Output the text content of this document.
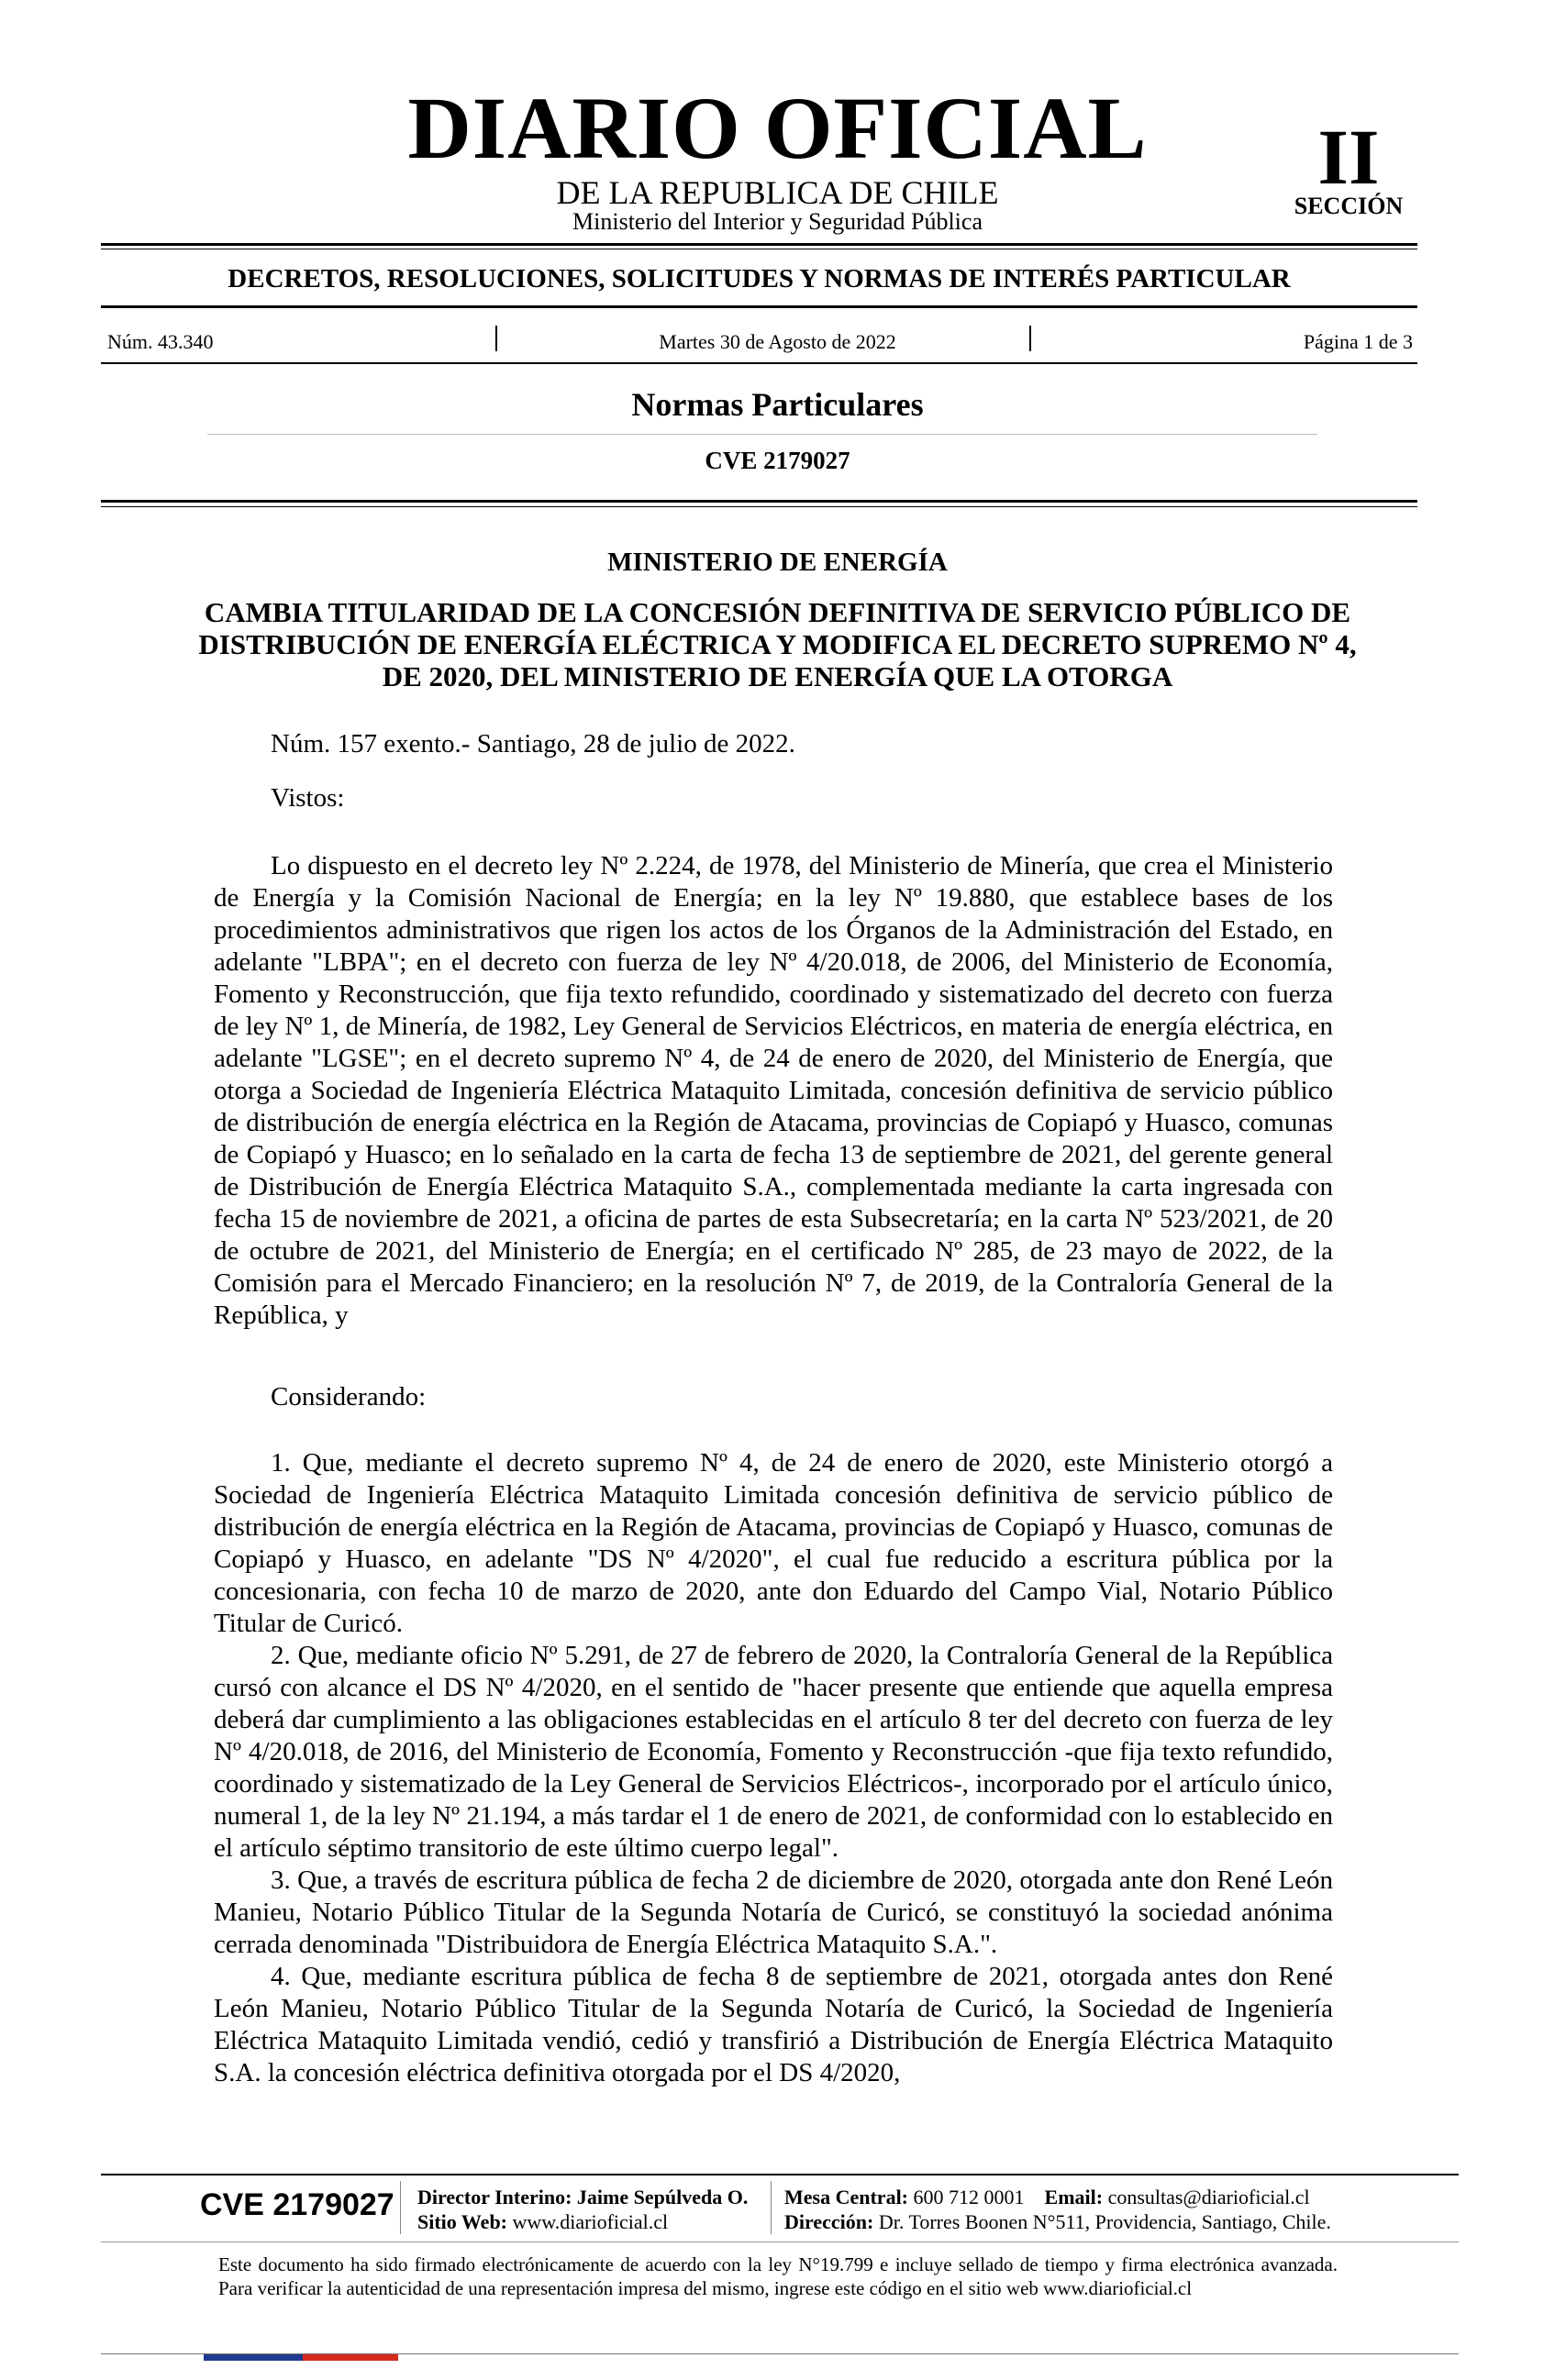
DIARIO OFICIAL
DE LA REPUBLICA DE CHILE
Ministerio del Interior y Seguridad Pública
II
SECCIÓN
DECRETOS, RESOLUCIONES, SOLICITUDES Y NORMAS DE INTERÉS PARTICULAR
Núm. 43.340	Martes 30 de Agosto de 2022	Página 1 de 3
Normas Particulares
CVE 2179027
MINISTERIO DE ENERGÍA
CAMBIA TITULARIDAD DE LA CONCESIÓN DEFINITIVA DE SERVICIO PÚBLICO DE DISTRIBUCIÓN DE ENERGÍA ELÉCTRICA Y MODIFICA EL DECRETO SUPREMO Nº 4, DE 2020, DEL MINISTERIO DE ENERGÍA QUE LA OTORGA
Núm. 157 exento.- Santiago, 28 de julio de 2022.
Vistos:

Lo dispuesto en el decreto ley Nº 2.224, de 1978, del Ministerio de Minería, que crea el Ministerio de Energía y la Comisión Nacional de Energía; en la ley Nº 19.880, que establece bases de los procedimientos administrativos que rigen los actos de los Órganos de la Administración del Estado, en adelante "LBPA"; en el decreto con fuerza de ley Nº 4/20.018, de 2006, del Ministerio de Economía, Fomento y Reconstrucción, que fija texto refundido, coordinado y sistematizado del decreto con fuerza de ley Nº 1, de Minería, de 1982, Ley General de Servicios Eléctricos, en materia de energía eléctrica, en adelante "LGSE"; en el decreto supremo Nº 4, de 24 de enero de 2020, del Ministerio de Energía, que otorga a Sociedad de Ingeniería Eléctrica Mataquito Limitada, concesión definitiva de servicio público de distribución de energía eléctrica en la Región de Atacama, provincias de Copiapó y Huasco, comunas de Copiapó y Huasco; en lo señalado en la carta de fecha 13 de septiembre de 2021, del gerente general de Distribución de Energía Eléctrica Mataquito S.A., complementada mediante la carta ingresada con fecha 15 de noviembre de 2021, a oficina de partes de esta Subsecretaría; en la carta Nº 523/2021, de 20 de octubre de 2021, del Ministerio de Energía; en el certificado Nº 285, de 23 mayo de 2022, de la Comisión para el Mercado Financiero; en la resolución Nº 7, de 2019, de la Contraloría General de la República, y

Considerando:

1. Que, mediante el decreto supremo Nº 4, de 24 de enero de 2020, este Ministerio otorgó a Sociedad de Ingeniería Eléctrica Mataquito Limitada concesión definitiva de servicio público de distribución de energía eléctrica en la Región de Atacama, provincias de Copiapó y Huasco, comunas de Copiapó y Huasco, en adelante "DS Nº 4/2020", el cual fue reducido a escritura pública por la concesionaria, con fecha 10 de marzo de 2020, ante don Eduardo del Campo Vial, Notario Público Titular de Curicó.

2. Que, mediante oficio Nº 5.291, de 27 de febrero de 2020, la Contraloría General de la República cursó con alcance el DS Nº 4/2020, en el sentido de "hacer presente que entiende que aquella empresa deberá dar cumplimiento a las obligaciones establecidas en el artículo 8 ter del decreto con fuerza de ley Nº 4/20.018, de 2016, del Ministerio de Economía, Fomento y Reconstrucción -que fija texto refundido, coordinado y sistematizado de la Ley General de Servicios Eléctricos-, incorporado por el artículo único, numeral 1, de la ley Nº 21.194, a más tardar el 1 de enero de 2021, de conformidad con lo establecido en el artículo séptimo transitorio de este último cuerpo legal".

3. Que, a través de escritura pública de fecha 2 de diciembre de 2020, otorgada ante don René León Manieu, Notario Público Titular de la Segunda Notaría de Curicó, se constituyó la sociedad anónima cerrada denominada "Distribuidora de Energía Eléctrica Mataquito S.A.".

4. Que, mediante escritura pública de fecha 8 de septiembre de 2021, otorgada antes don René León Manieu, Notario Público Titular de la Segunda Notaría de Curicó, la Sociedad de Ingeniería Eléctrica Mataquito Limitada vendió, cedió y transfirió a Distribución de Energía Eléctrica Mataquito S.A. la concesión eléctrica definitiva otorgada por el DS 4/2020,

CVE 2179027 Director Interino: Jaime Sepúlveda O.
Sitio Web: www.diarioficial.cl
Mesa Central: 600 712 0001 Email: consultas@diarioficial.cl
Dirección: Dr. Torres Boonen N°511, Providencia, Santiago, Chile.
Este documento ha sido firmado electrónicamente de acuerdo con la ley N°19.799 e incluye sellado de tiempo y firma electrónica avanzada. Para verificar la autenticidad de una representación impresa del mismo, ingrese este código en el sitio web www.diarioficial.cl
